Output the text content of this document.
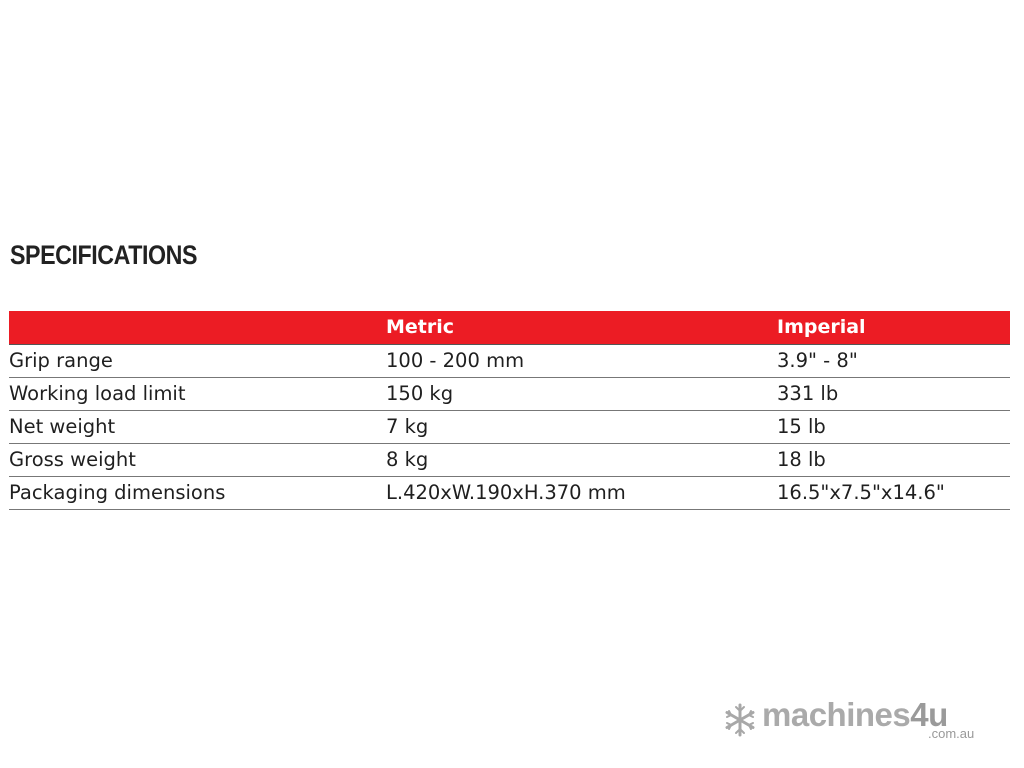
SPECIFICATIONS
	Metric	Imperial
Grip range	100 - 200 mm	3.9" - 8"
Working load limit	150 kg	331 lb
Net weight	7 kg	15 lb
Gross weight	8 kg	18 lb
Packaging dimensions	L.420xW.190xH.370 mm	16.5"x7.5"x14.6"
machines4u
.com.au
